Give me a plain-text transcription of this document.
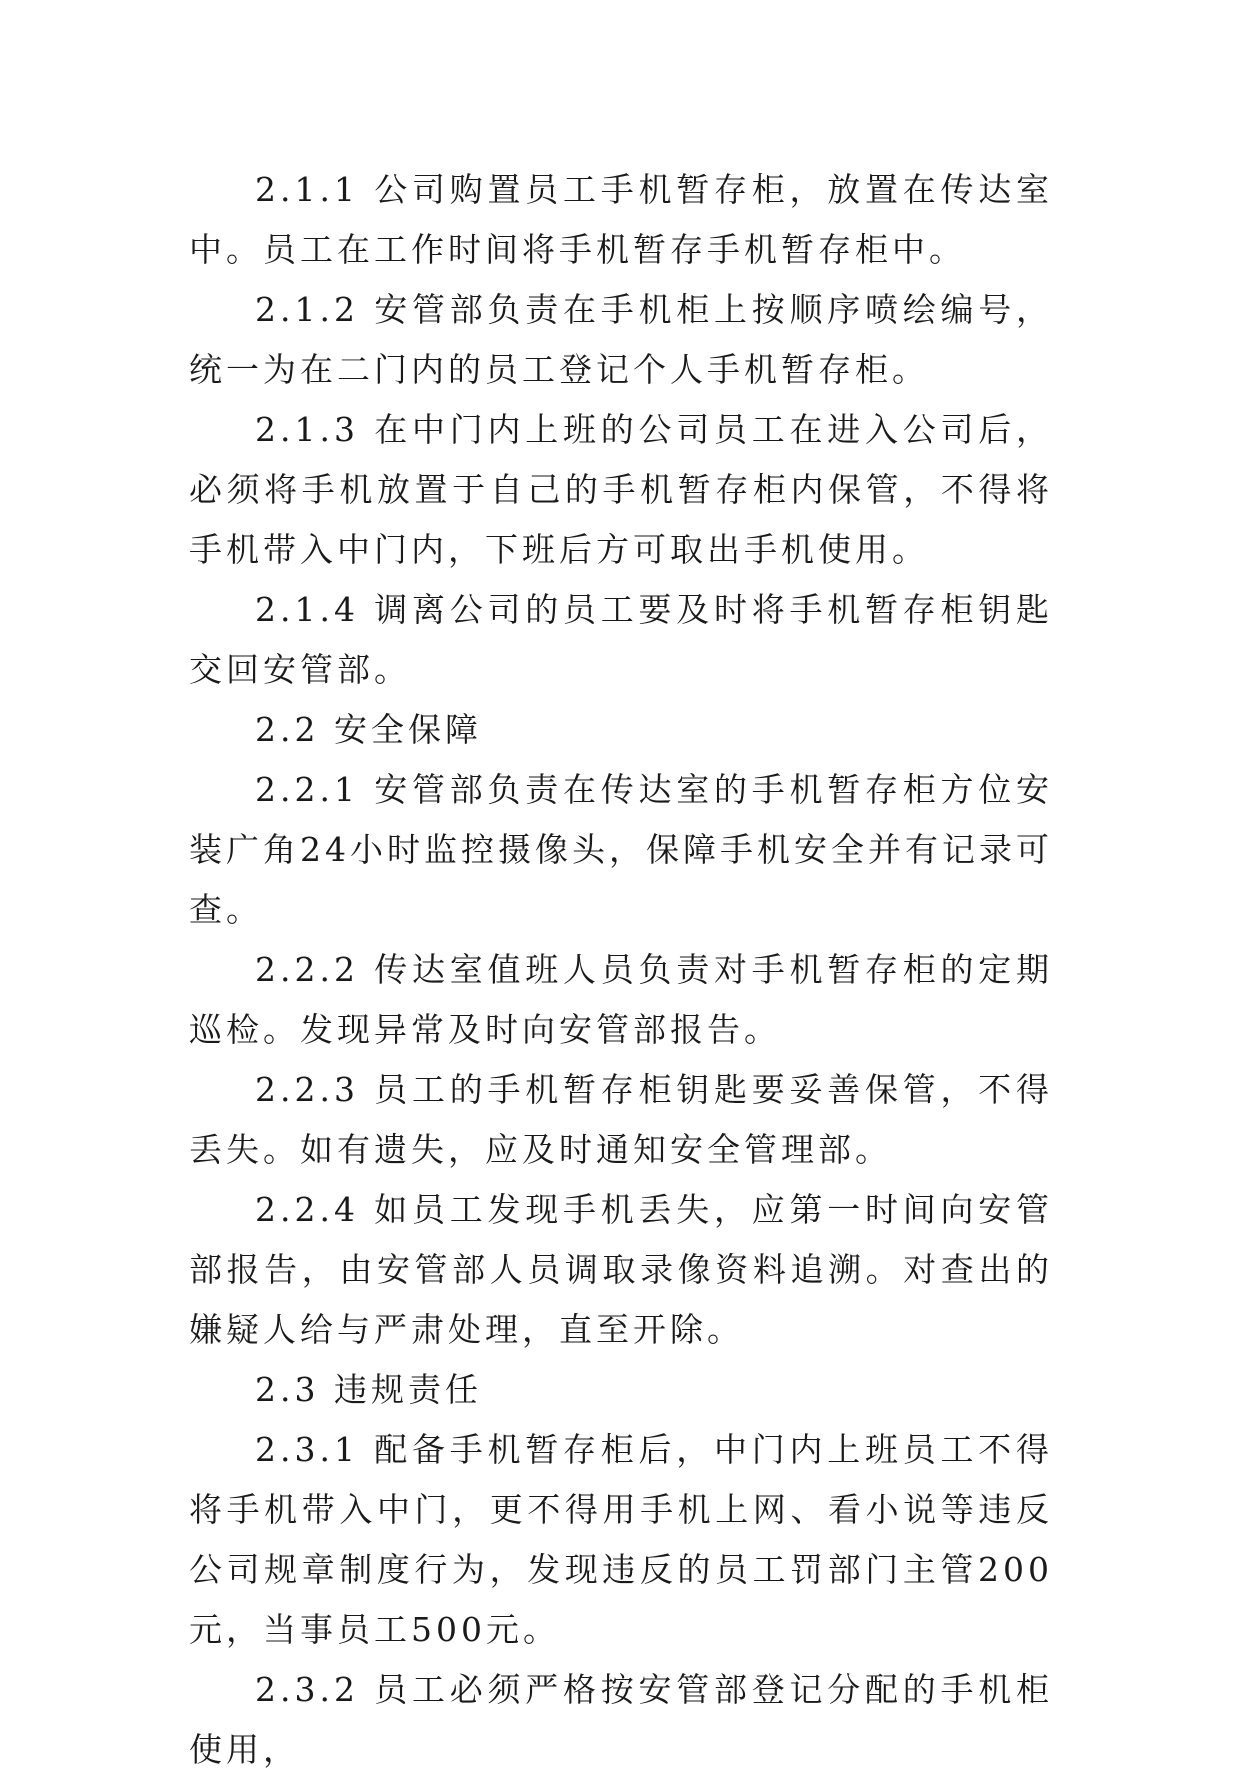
2.1.1 公司购置员工手机暂存柜，放置在传达室中。员工在工作时间将手机暂存手机暂存柜中。

2.1.2 安管部负责在手机柜上按顺序喷绘编号，统一为在二门内的员工登记个人手机暂存柜。

2.1.3 在中门内上班的公司员工在进入公司后，必须将手机放置于自己的手机暂存柜内保管，不得将手机带入中门内，下班后方可取出手机使用。

2.1.4 调离公司的员工要及时将手机暂存柜钥匙交回安管部。

2.2 安全保障

2.2.1 安管部负责在传达室的手机暂存柜方位安装广角24小时监控摄像头，保障手机安全并有记录可查。

2.2.2 传达室值班人员负责对手机暂存柜的定期巡检。发现异常及时向安管部报告。

2.2.3 员工的手机暂存柜钥匙要妥善保管，不得丢失。如有遗失，应及时通知安全管理部。

2.2.4 如员工发现手机丢失，应第一时间向安管部报告，由安管部人员调取录像资料追溯。对查出的嫌疑人给与严肃处理，直至开除。

2.3 违规责任

2.3.1 配备手机暂存柜后，中门内上班员工不得将手机带入中门，更不得用手机上网、看小说等违反公司规章制度行为，发现违反的员工罚部门主管200元，当事员工500元。

2.3.2 员工必须严格按安管部登记分配的手机柜使用，
